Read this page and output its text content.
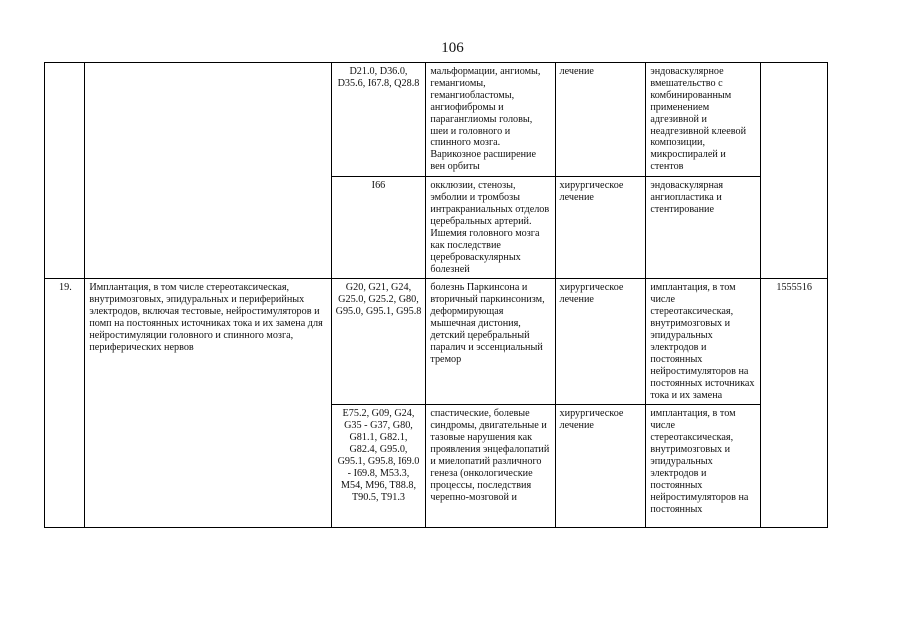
106
		D21.0, D36.0, D35.6, I67.8, Q28.8	мальформации, ангиомы, гемангиомы, гемангиобластомы, ангиофибромы и параганглиомы головы, шеи и головного и спинного мозга. Варикозное расширение вен орбиты	лечение	эндоваскулярное вмешательство с комбинированным применением адгезивной и неадгезивной клеевой композиции, микроспиралей и стентов	
		I66	окклюзии, стенозы, эмболии и тромбозы интракраниальных отделов церебральных артерий. Ишемия головного мозга как последствие цереброваскулярных болезней	хирургическое лечение	эндоваскулярная ангиопластика и стентирование	
19.	Имплантация, в том числе стереотаксическая, внутримозговых, эпидуральных и периферийных электродов, включая тестовые, нейростимуляторов и помп на постоянных источниках тока и их замена для нейростимуляции головного и спинного мозга, периферических нервов	G20, G21, G24, G25.0, G25.2, G80, G95.0, G95.1, G95.8	болезнь Паркинсона и вторичный паркинсонизм, деформирующая мышечная дистония, детский церебральный паралич и эссенциальный тремор	хирургическое лечение	имплантация, в том числе стереотаксическая, внутримозговых и эпидуральных электродов и постоянных нейростимуляторов на постоянных источниках тока и их замена	1555516

		E75.2, G09, G24, G35 - G37, G80, G81.1, G82.1, G82.4, G95.0, G95.1, G95.8, I69.0 - I69.8, M53.3, M54, M96, T88.8, T90.5, T91.3	спастические, болевые синдромы, двигательные и тазовые нарушения как проявления энцефалопатий и миелопатий различного генеза (онкологические процессы, последствия черепно-мозговой и	хирургическое лечение	имплантация, в том числе стереотаксическая, внутримозговых и эпидуральных электродов и постоянных нейростимуляторов на постоянных	
